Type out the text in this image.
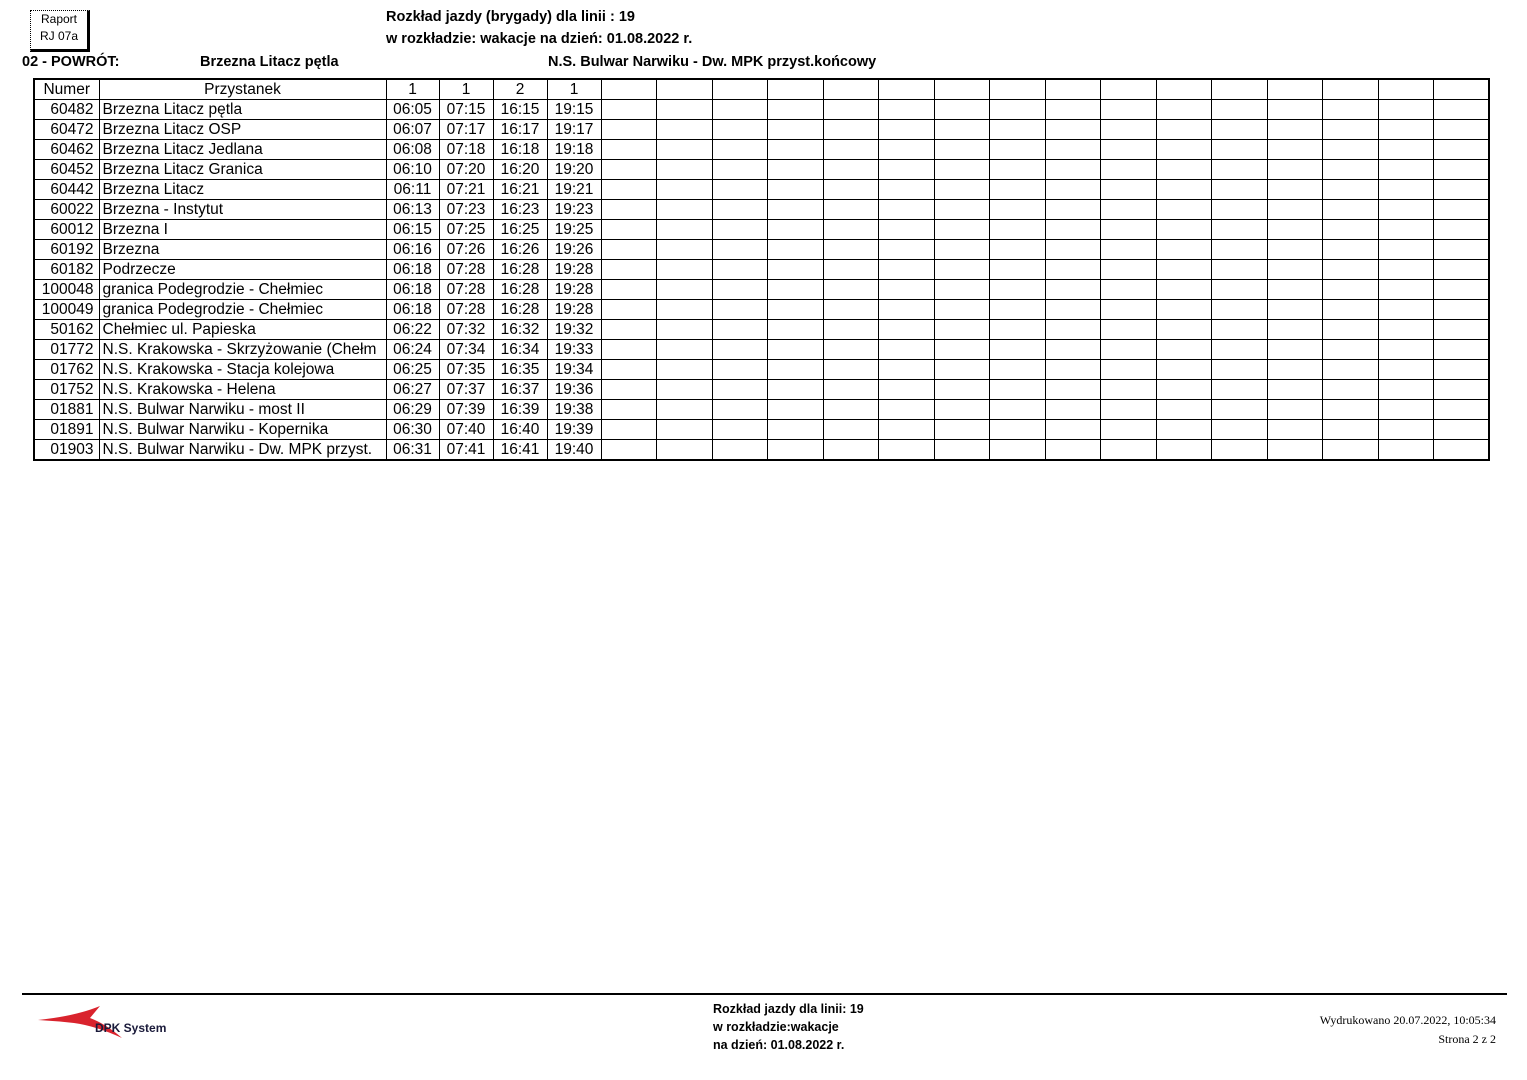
Raport
RJ 07a
Rozkład jazdy (brygady) dla linii : 19
w rozkładzie: wakacje na dzień: 01.08.2022 r.
02 - POWRÓT:	Brzezna Litacz pętla	N.S. Bulwar Narwiku - Dw. MPK przyst.końcowy
Numer	Przystanek	1	1	2	1																
60482	Brzezna Litacz pętla	06:05	07:15	16:15	19:15																
60472	Brzezna Litacz OSP	06:07	07:17	16:17	19:17																
60462	Brzezna Litacz Jedlana	06:08	07:18	16:18	19:18																
60452	Brzezna Litacz Granica	06:10	07:20	16:20	19:20																
60442	Brzezna Litacz	06:11	07:21	16:21	19:21																
60022	Brzezna - Instytut	06:13	07:23	16:23	19:23																
60012	Brzezna I	06:15	07:25	16:25	19:25																
60192	Brzezna	06:16	07:26	16:26	19:26																
60182	Podrzecze	06:18	07:28	16:28	19:28																
100048	granica Podegrodzie - Chełmiec	06:18	07:28	16:28	19:28																
100049	granica Podegrodzie - Chełmiec	06:18	07:28	16:28	19:28																
50162	Chełmiec ul. Papieska	06:22	07:32	16:32	19:32																
01772	N.S. Krakowska - Skrzyżowanie (Chełm	06:24	07:34	16:34	19:33																
01762	N.S. Krakowska - Stacja kolejowa	06:25	07:35	16:35	19:34																
01752	N.S. Krakowska - Helena	06:27	07:37	16:37	19:36																
01881	N.S. Bulwar Narwiku - most II	06:29	07:39	16:39	19:38																
01891	N.S. Bulwar Narwiku - Kopernika	06:30	07:40	16:40	19:39																
01903	N.S. Bulwar Narwiku - Dw. MPK przyst.	06:31	07:41	16:41	19:40																
DPK System
Rozkład jazdy dla linii: 19
w rozkładzie:wakacje
na dzień: 01.08.2022 r.
Wydrukowano 20.07.2022, 10:05:34
Strona 2 z 2
